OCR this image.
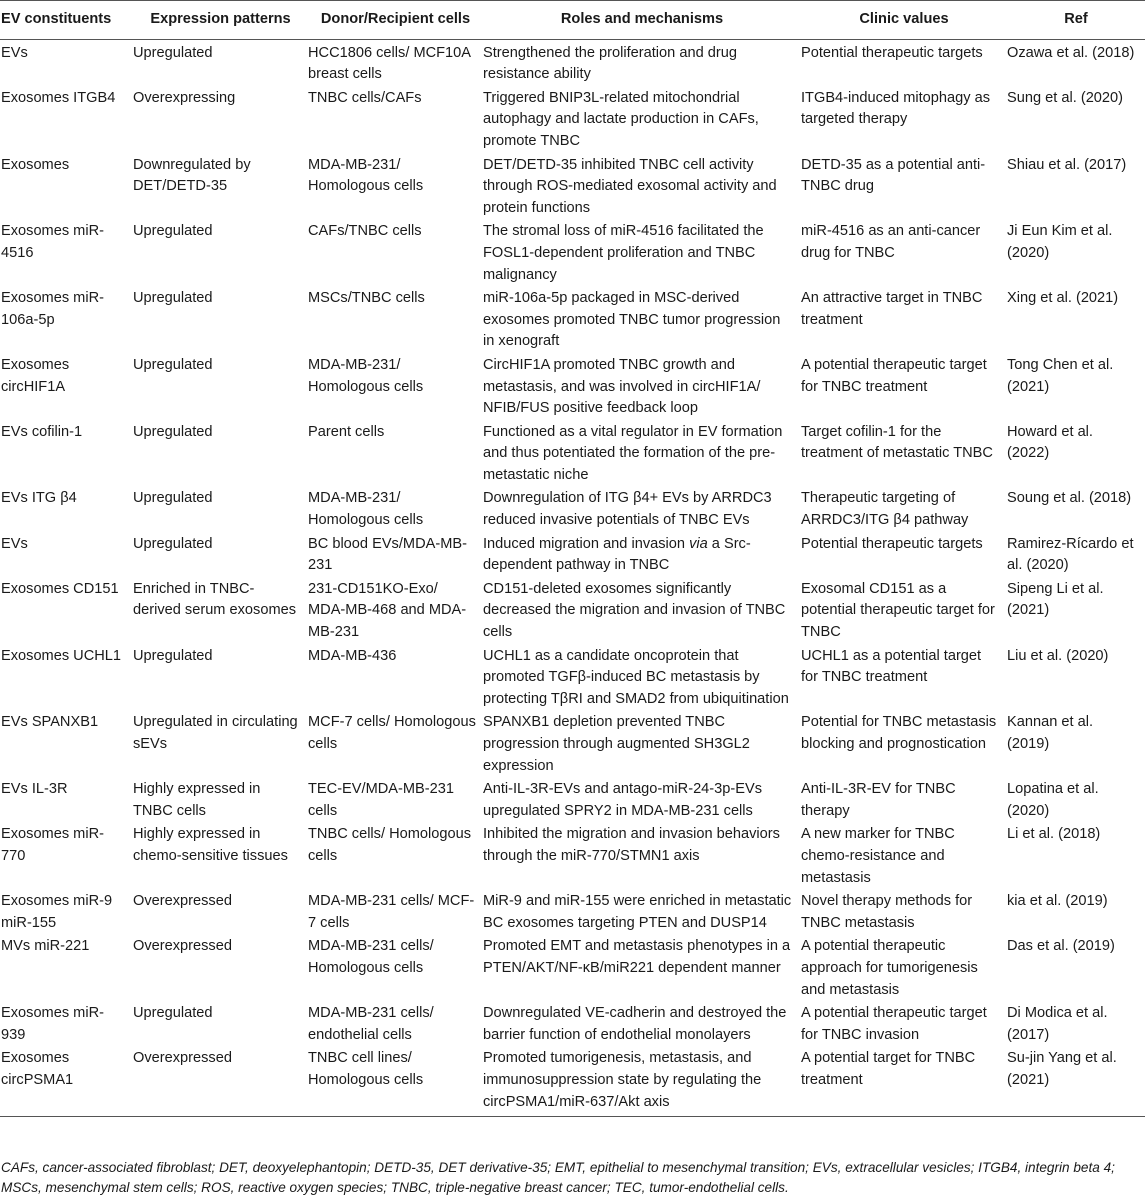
EV constituents	Expression patterns	Donor/Recipient cells	Roles and mechanisms	Clinic values	Ref
EVs	Upregulated	HCC1806 cells/ MCF10A breast cells	Strengthened the proliferation and drug resistance ability	Potential therapeutic targets	Ozawa et al. (2018)
Exosomes ITGB4	Overexpressing	TNBC cells/CAFs	Triggered BNIP3L-related mitochondrial autophagy and lactate production in CAFs, promote TNBC	ITGB4-induced mitophagy as targeted therapy	Sung et al. (2020)
Exosomes	Downregulated by DET/DETD-35	MDA-MB-231/ Homologous cells	DET/DETD-35 inhibited TNBC cell activity through ROS-mediated exosomal activity and protein functions	DETD-35 as a potential anti-TNBC drug	Shiau et al. (2017)
Exosomes miR-4516	Upregulated	CAFs/TNBC cells	The stromal loss of miR-4516 facilitated the FOSL1-dependent proliferation and TNBC malignancy	miR-4516 as an anti-cancer drug for TNBC	Ji Eun Kim et al. (2020)
Exosomes miR-106a-5p	Upregulated	MSCs/TNBC cells	miR-106a-5p packaged in MSC-derived exosomes promoted TNBC tumor progression in xenograft	An attractive target in TNBC treatment	Xing et al. (2021)
Exosomes circHIF1A	Upregulated	MDA-MB-231/ Homologous cells	CircHIF1A promoted TNBC growth and metastasis, and was involved in circHIF1A/ NFIB/FUS positive feedback loop	A potential therapeutic target for TNBC treatment	Tong Chen et al. (2021)
EVs cofilin-1	Upregulated	Parent cells	Functioned as a vital regulator in EV formation and thus potentiated the formation of the pre-metastatic niche	Target cofilin-1 for the treatment of metastatic TNBC	Howard et al. (2022)
EVs ITG β4	Upregulated	MDA-MB-231/ Homologous cells	Downregulation of ITG β4+ EVs by ARRDC3 reduced invasive potentials of TNBC EVs	Therapeutic targeting of ARRDC3/ITG β4 pathway	Soung et al. (2018)
EVs	Upregulated	BC blood EVs/MDA-MB-231	Induced migration and invasion via a Src-dependent pathway in TNBC	Potential therapeutic targets	Ramirez-Rícardo et al. (2020)
Exosomes CD151	Enriched in TNBC-derived serum exosomes	231-CD151KO-Exo/ MDA-MB-468 and MDA-MB-231	CD151-deleted exosomes significantly decreased the migration and invasion of TNBC cells	Exosomal CD151 as a potential therapeutic target for TNBC	Sipeng Li et al. (2021)
Exosomes UCHL1	Upregulated	MDA-MB-436	UCHL1 as a candidate oncoprotein that promoted TGFβ-induced BC metastasis by protecting TβRI and SMAD2 from ubiquitination	UCHL1 as a potential target for TNBC treatment	Liu et al. (2020)
EVs SPANXB1	Upregulated in circulating sEVs	MCF-7 cells/ Homologous cells	SPANXB1 depletion prevented TNBC progression through augmented SH3GL2 expression	Potential for TNBC metastasis blocking and prognostication	Kannan et al. (2019)
EVs IL-3R	Highly expressed in TNBC cells	TEC-EV/MDA-MB-231 cells	Anti-IL-3R-EVs and antago-miR-24-3p-EVs upregulated SPRY2 in MDA-MB-231 cells	Anti-IL-3R-EV for TNBC therapy	Lopatina et al. (2020)
Exosomes miR-770	Highly expressed in chemo-sensitive tissues	TNBC cells/ Homologous cells	Inhibited the migration and invasion behaviors through the miR-770/STMN1 axis	A new marker for TNBC chemo-resistance and metastasis	Li et al. (2018)
Exosomes miR-9 miR-155	Overexpressed	MDA-MB-231 cells/ MCF-7 cells	MiR-9 and miR-155 were enriched in metastatic BC exosomes targeting PTEN and DUSP14	Novel therapy methods for TNBC metastasis	kia et al. (2019)
MVs miR-221	Overexpressed	MDA-MB-231 cells/ Homologous cells	Promoted EMT and metastasis phenotypes in a PTEN/AKT/NF-κB/miR221 dependent manner	A potential therapeutic approach for tumorigenesis and metastasis	Das et al. (2019)
Exosomes miR-939	Upregulated	MDA-MB-231 cells/ endothelial cells	Downregulated VE-cadherin and destroyed the barrier function of endothelial monolayers	A potential therapeutic target for TNBC invasion	Di Modica et al. (2017)
Exosomes circPSMA1	Overexpressed	TNBC cell lines/ Homologous cells	Promoted tumorigenesis, metastasis, and immunosuppression state by regulating the circPSMA1/miR-637/Akt axis	A potential target for TNBC treatment	Su-jin Yang et al. (2021)
CAFs, cancer-associated fibroblast; DET, deoxyelephantopin; DETD-35, DET derivative-35; EMT, epithelial to mesenchymal transition; EVs, extracellular vesicles; ITGB4, integrin beta 4; MSCs, mesenchymal stem cells; ROS, reactive oxygen species; TNBC, triple-negative breast cancer; TEC, tumor-endothelial cells.
